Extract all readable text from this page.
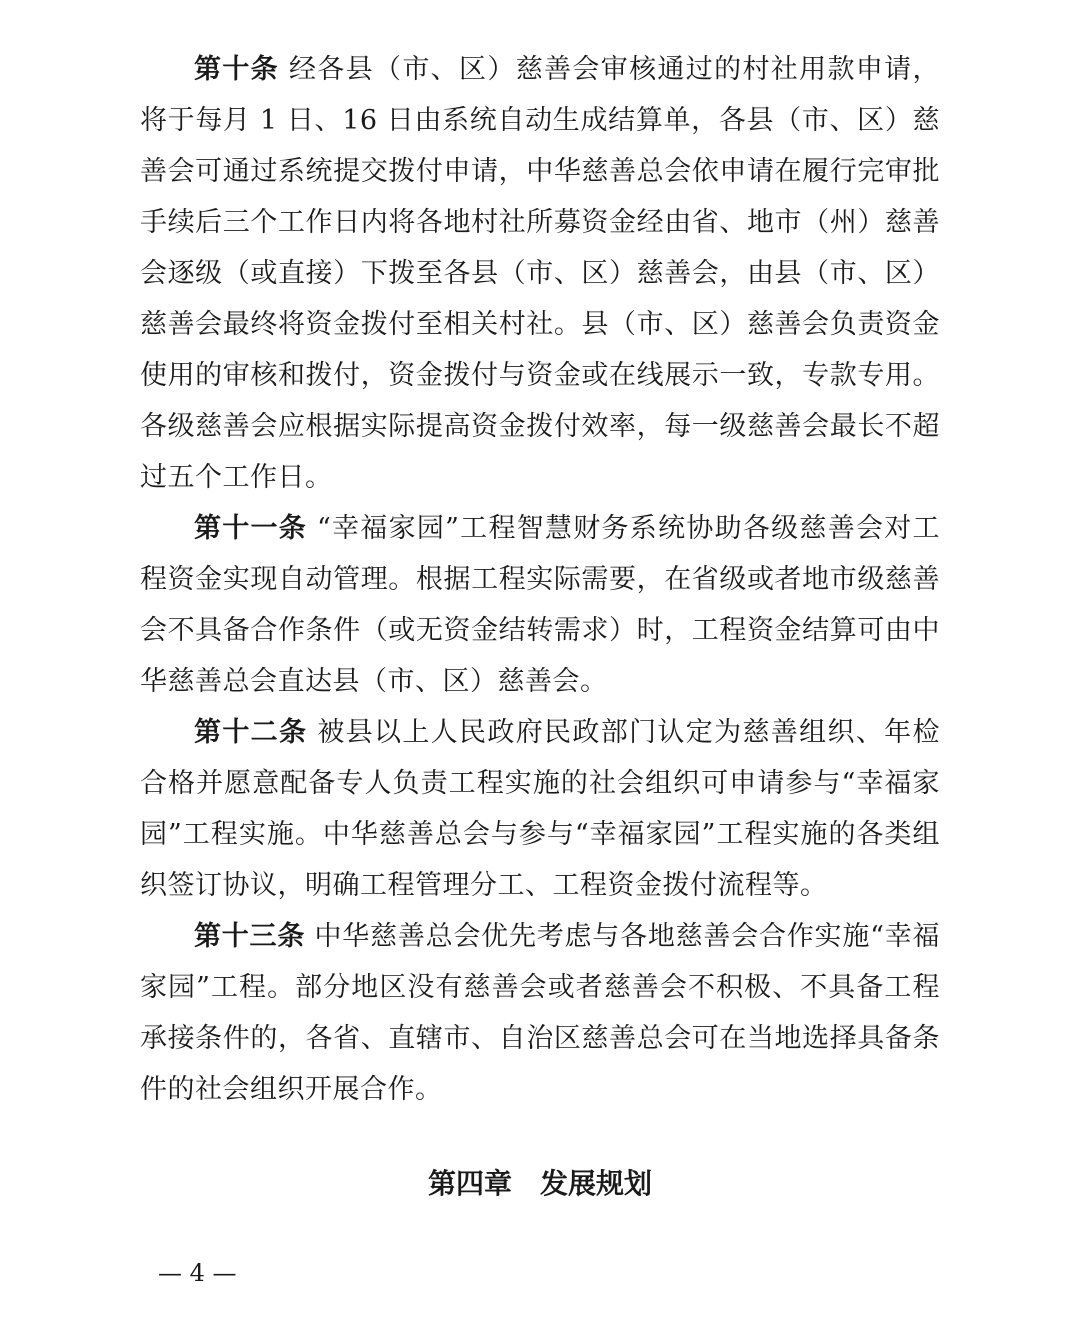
第十条 经各县（市、区）慈善会审核通过的村社用款申请，将于每月 1 日、16 日由系统自动生成结算单，各县（市、区）慈善会可通过系统提交拨付申请，中华慈善总会依申请在履行完审批手续后三个工作日内将各地村社所募资金经由省、地市（州）慈善会逐级（或直接）下拨至各县（市、区）慈善会，由县（市、区）慈善会最终将资金拨付至相关村社。县（市、区）慈善会负责资金使用的审核和拨付，资金拨付与资金或在线展示一致，专款专用。各级慈善会应根据实际提高资金拨付效率，每一级慈善会最长不超过五个工作日。

第十一条 “幸福家园”工程智慧财务系统协助各级慈善会对工程资金实现自动管理。根据工程实际需要，在省级或者地市级慈善会不具备合作条件（或无资金结转需求）时，工程资金结算可由中华慈善总会直达县（市、区）慈善会。

第十二条 被县以上人民政府民政部门认定为慈善组织、年检合格并愿意配备专人负责工程实施的社会组织可申请参与“幸福家园”工程实施。中华慈善总会与参与“幸福家园”工程实施的各类组织签订协议，明确工程管理分工、工程资金拨付流程等。

第十三条 中华慈善总会优先考虑与各地慈善会合作实施“幸福家园”工程。部分地区没有慈善会或者慈善会不积极、不具备工程承接条件的，各省、直辖市、自治区慈善总会可在当地选择具备条件的社会组织开展合作。

第四章　发展规划
— 4 —
